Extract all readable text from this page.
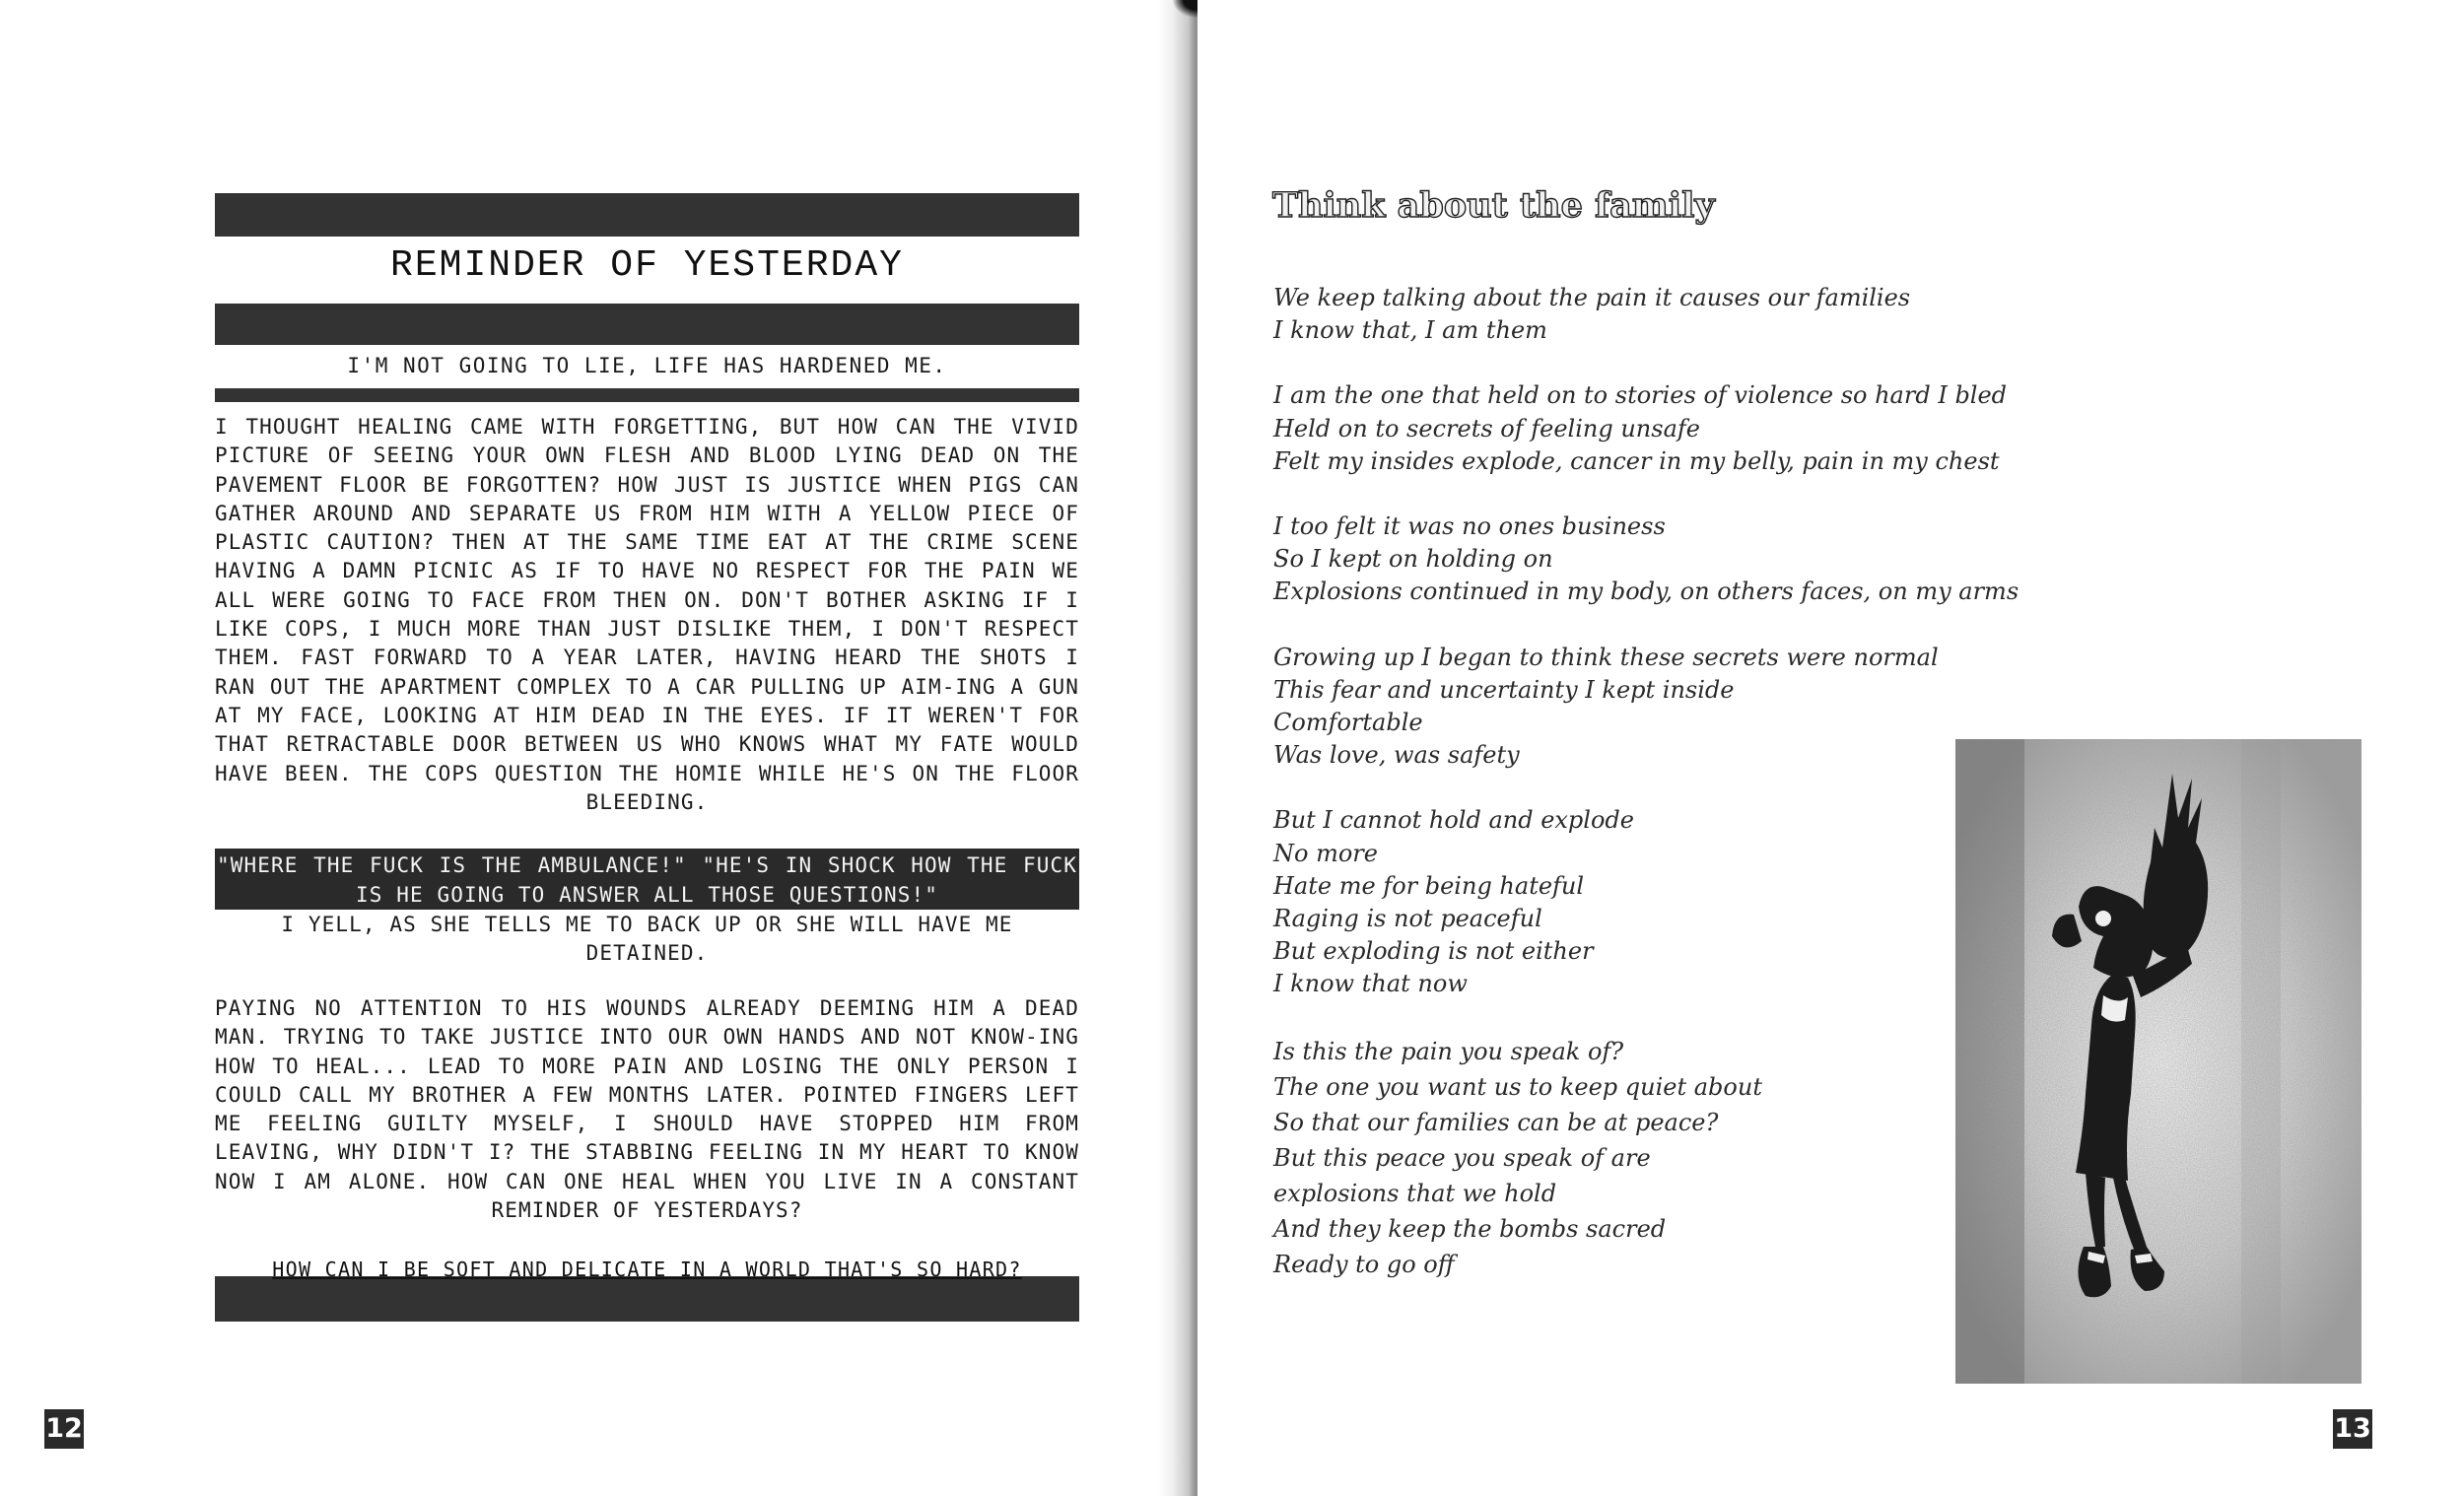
REMINDER OF YESTERDAY
I'M NOT GOING TO LIE, LIFE HAS HARDENED ME.
I THOUGHT HEALING CAME WITH FORGETTING, BUT HOW CAN THE VIVID PICTURE OF SEEING YOUR OWN FLESH AND BLOOD LYING DEAD ON THE PAVEMENT FLOOR BE FORGOTTEN? HOW JUST IS JUSTICE WHEN PIGS CAN GATHER AROUND AND SEPARATE US FROM HIM WITH A YELLOW PIECE OF PLASTIC CAUTION? THEN AT THE SAME TIME EAT AT THE CRIME SCENE HAVING A DAMN PICNIC AS IF TO HAVE NO RESPECT FOR THE PAIN WE ALL WERE GOING TO FACE FROM THEN ON. DON'T BOTHER ASKING IF I LIKE COPS, I MUCH MORE THAN JUST DISLIKE THEM, I DON'T RESPECT THEM. FAST FORWARD TO A YEAR LATER, HAVING HEARD THE SHOTS I RAN OUT THE APARTMENT COMPLEX TO A CAR PULLING UP AIM-ING A GUN AT MY FACE, LOOKING AT HIM DEAD IN THE EYES. IF IT WEREN'T FOR THAT RETRACTABLE DOOR BETWEEN US WHO KNOWS WHAT MY FATE WOULD HAVE BEEN. THE COPS QUESTION THE HOMIE WHILE HE'S ON THE FLOOR BLEEDING.
"WHERE THE FUCK IS THE AMBULANCE!" "HE'S IN SHOCK HOW THE FUCK IS HE GOING TO ANSWER ALL THOSE QUESTIONS!"
I YELL, AS SHE TELLS ME TO BACK UP OR SHE WILL HAVE ME DETAINED.
PAYING NO ATTENTION TO HIS WOUNDS ALREADY DEEMING HIM A DEAD MAN. TRYING TO TAKE JUSTICE INTO OUR OWN HANDS AND NOT KNOW-ING HOW TO HEAL... LEAD TO MORE PAIN AND LOSING THE ONLY PERSON I COULD CALL MY BROTHER A FEW MONTHS LATER. POINTED FINGERS LEFT ME FEELING GUILTY MYSELF, I SHOULD HAVE STOPPED HIM FROM LEAVING, WHY DIDN'T I? THE STABBING FEELING IN MY HEART TO KNOW NOW I AM ALONE. HOW CAN ONE HEAL WHEN YOU LIVE IN A CONSTANT REMINDER OF YESTERDAYS?
HOW CAN I BE SOFT AND DELICATE IN A WORLD THAT'S SO HARD?
12
Think about the family
We keep talking about the pain it causes our families
I know that, I am them
I am the one that held on to stories of violence so hard I bled
Held on to secrets of feeling unsafe
Felt my insides explode, cancer in my belly, pain in my chest
I too felt it was no ones business
So I kept on holding on
Explosions continued in my body, on others faces, on my arms
Growing up I began to think these secrets were normal
This fear and uncertainty I kept inside
Comfortable
Was love, was safety
But I cannot hold and explode
No more
Hate me for being hateful
Raging is not peaceful
But exploding is not either
I know that now
Is this the pain you speak of?
The one you want us to keep quiet about
So that our families can be at peace?
But this peace you speak of are
explosions that we hold
And they keep the bombs sacred
Ready to go off
13
